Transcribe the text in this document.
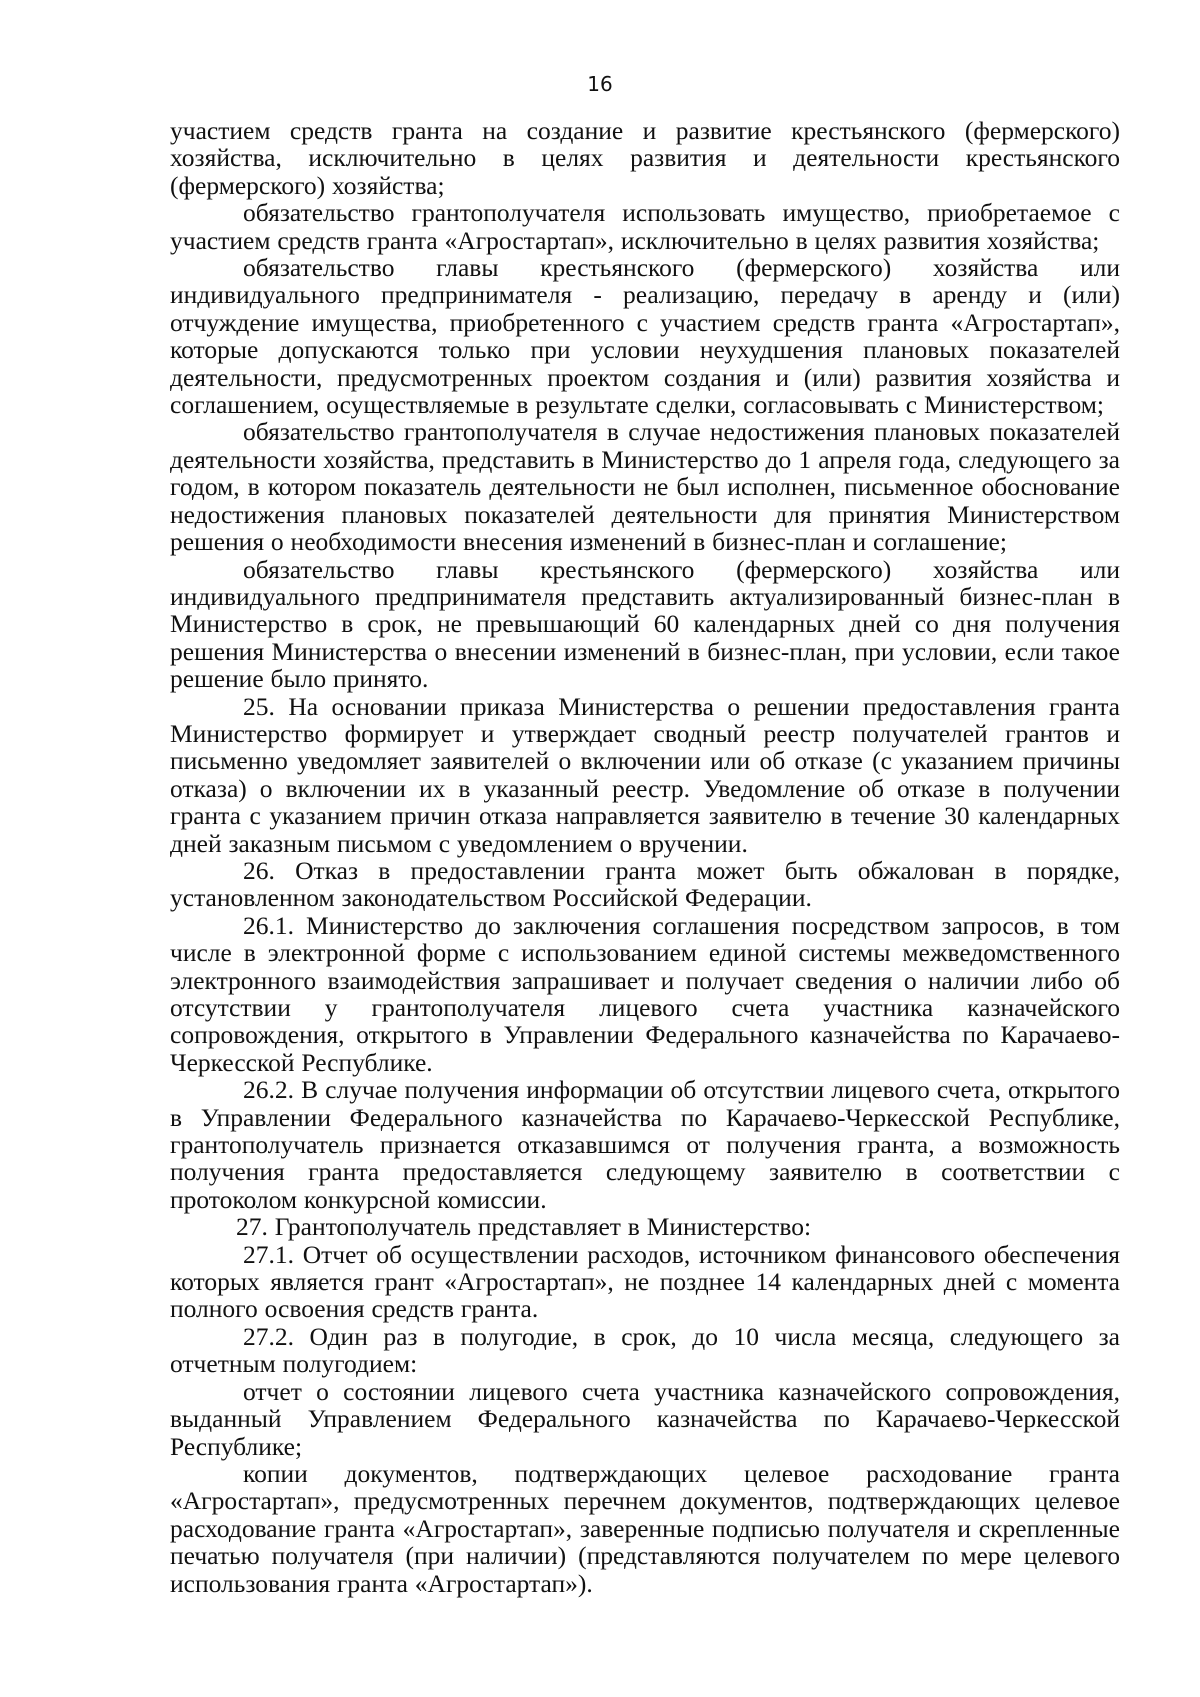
16

участием средств гранта на создание и развитие крестьянского (фермерского) хозяйства, исключительно в целях развития и деятельности крестьянского (фермерского) хозяйства;

обязательство грантополучателя использовать имущество, приобретаемое с участием средств гранта «Агростартап», исключительно в целях развития хозяйства;

обязательство главы крестьянского (фермерского) хозяйства или индивидуального предпринимателя - реализацию, передачу в аренду и (или) отчуждение имущества, приобретенного с участием средств гранта «Агростартап», которые допускаются только при условии неухудшения плановых показателей деятельности, предусмотренных проектом создания и (или) развития хозяйства и соглашением, осуществляемые в результате сделки, согласовывать с Министерством;

обязательство грантополучателя в случае недостижения плановых показателей деятельности хозяйства, представить в Министерство до 1 апреля года, следующего за годом, в котором показатель деятельности не был исполнен, письменное обоснование недостижения плановых показателей деятельности для принятия Министерством решения о необходимости внесения изменений в бизнес-план и соглашение;

обязательство главы крестьянского (фермерского) хозяйства или индивидуального предпринимателя представить актуализированный бизнес-план в Министерство в срок, не превышающий 60 календарных дней со дня получения решения Министерства о внесении изменений в бизнес-план, при условии, если такое решение было принято.

25. На основании приказа Министерства о решении предоставления гранта Министерство формирует и утверждает сводный реестр получателей грантов и письменно уведомляет заявителей о включении или об отказе (с указанием причины отказа) о включении их в указанный реестр. Уведомление об отказе в получении гранта с указанием причин отказа направляется заявителю в течение 30 календарных дней заказным письмом с уведомлением о вручении.

26. Отказ в предоставлении гранта может быть обжалован в порядке, установленном законодательством Российской Федерации.

26.1. Министерство до заключения соглашения посредством запросов, в том числе в электронной форме с использованием единой системы межведомственного электронного взаимодействия запрашивает и получает сведения о наличии либо об отсутствии у грантополучателя лицевого счета участника казначейского сопровождения, открытого в Управлении Федерального казначейства по Карачаево-Черкесской Республике.

26.2. В случае получения информации об отсутствии лицевого счета, открытого в Управлении Федерального казначейства по Карачаево-Черкесской Республике, грантополучатель признается отказавшимся от получения гранта, а возможность получения гранта предоставляется следующему заявителю в соответствии с протоколом конкурсной комиссии.

27. Грантополучатель представляет в Министерство:

27.1. Отчет об осуществлении расходов, источником финансового обеспечения которых является грант «Агростартап», не позднее 14 календарных дней с момента полного освоения средств гранта.

27.2. Один раз в полугодие, в срок, до 10 числа месяца, следующего за отчетным полугодием:

отчет о состоянии лицевого счета участника казначейского сопровождения, выданный Управлением Федерального казначейства по Карачаево-Черкесской Республике;

копии документов, подтверждающих целевое расходование гранта «Агростартап», предусмотренных перечнем документов, подтверждающих целевое расходование гранта «Агростартап», заверенные подписью получателя и скрепленные печатью получателя (при наличии) (представляются получателем по мере целевого использования гранта «Агростартап»).
